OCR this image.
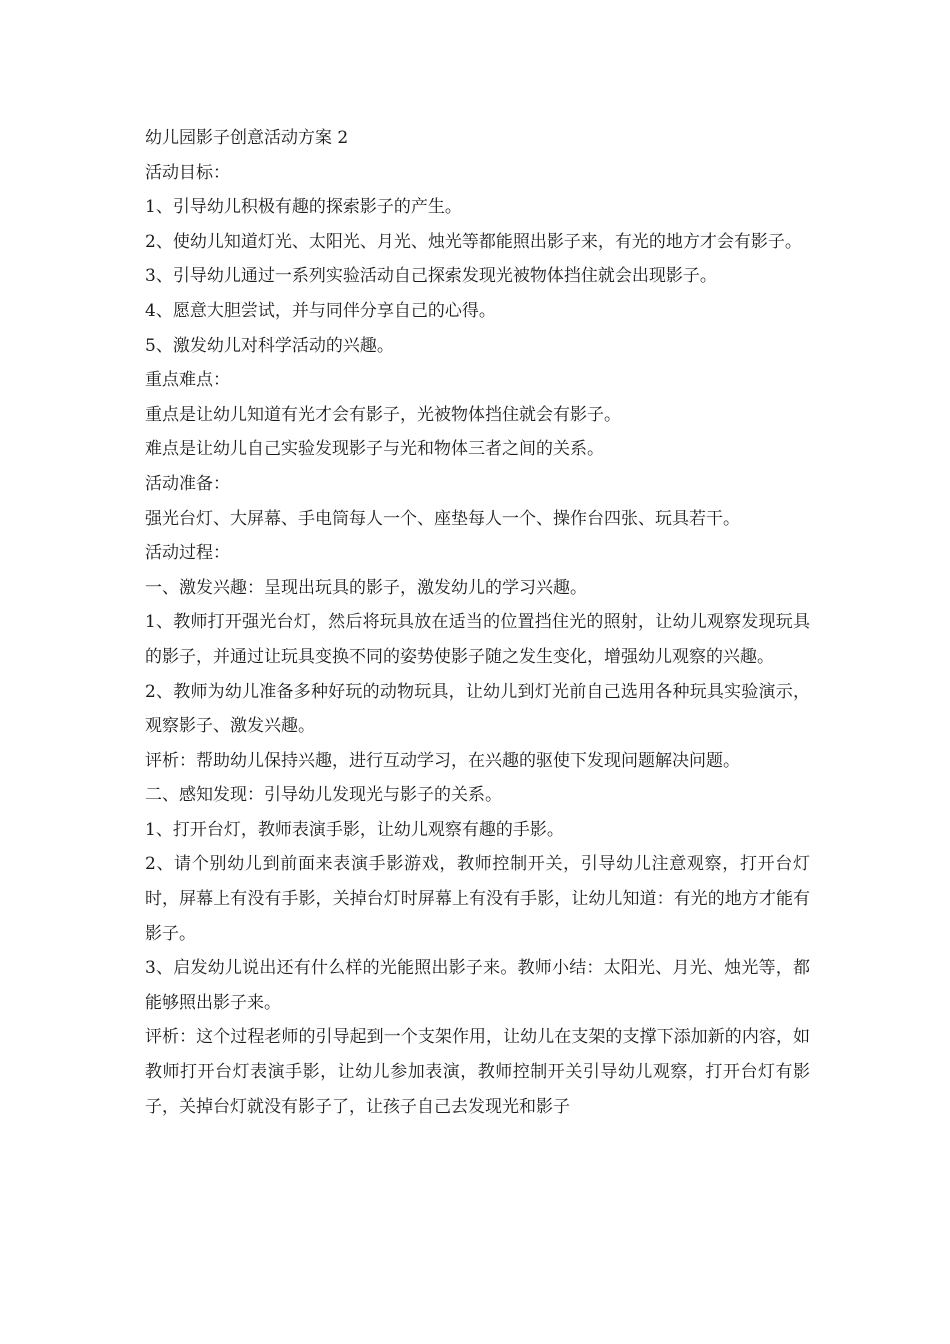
幼儿园影子创意活动方案 2

活动目标：

1、引导幼儿积极有趣的探索影子的产生。

2、使幼儿知道灯光、太阳光、月光、烛光等都能照出影子来，有光的地方才会有影子。

3、引导幼儿通过一系列实验活动自己探索发现光被物体挡住就会出现影子。

4、愿意大胆尝试，并与同伴分享自己的心得。

5、激发幼儿对科学活动的兴趣。

重点难点：

重点是让幼儿知道有光才会有影子，光被物体挡住就会有影子。

难点是让幼儿自己实验发现影子与光和物体三者之间的关系。

活动准备：

强光台灯、大屏幕、手电筒每人一个、座垫每人一个、操作台四张、玩具若干。

活动过程：

一、激发兴趣：呈现出玩具的影子，激发幼儿的学习兴趣。

1、教师打开强光台灯，然后将玩具放在适当的位置挡住光的照射，让幼儿观察发现玩具的影子，并通过让玩具变换不同的姿势使影子随之发生变化，增强幼儿观察的兴趣。

2、教师为幼儿准备多种好玩的动物玩具，让幼儿到灯光前自己选用各种玩具实验演示，观察影子、激发兴趣。

评析：帮助幼儿保持兴趣，进行互动学习，在兴趣的驱使下发现问题解决问题。

二、感知发现：引导幼儿发现光与影子的关系。

1、打开台灯，教师表演手影，让幼儿观察有趣的手影。

2、请个别幼儿到前面来表演手影游戏，教师控制开关，引导幼儿注意观察，打开台灯时，屏幕上有没有手影，关掉台灯时屏幕上有没有手影，让幼儿知道：有光的地方才能有影子。

3、启发幼儿说出还有什么样的光能照出影子来。教师小结：太阳光、月光、烛光等，都能够照出影子来。

评析：这个过程老师的引导起到一个支架作用，让幼儿在支架的支撑下添加新的内容，如教师打开台灯表演手影，让幼儿参加表演，教师控制开关引导幼儿观察，打开台灯有影子，关掉台灯就没有影子了，让孩子自己去发现光和影子
